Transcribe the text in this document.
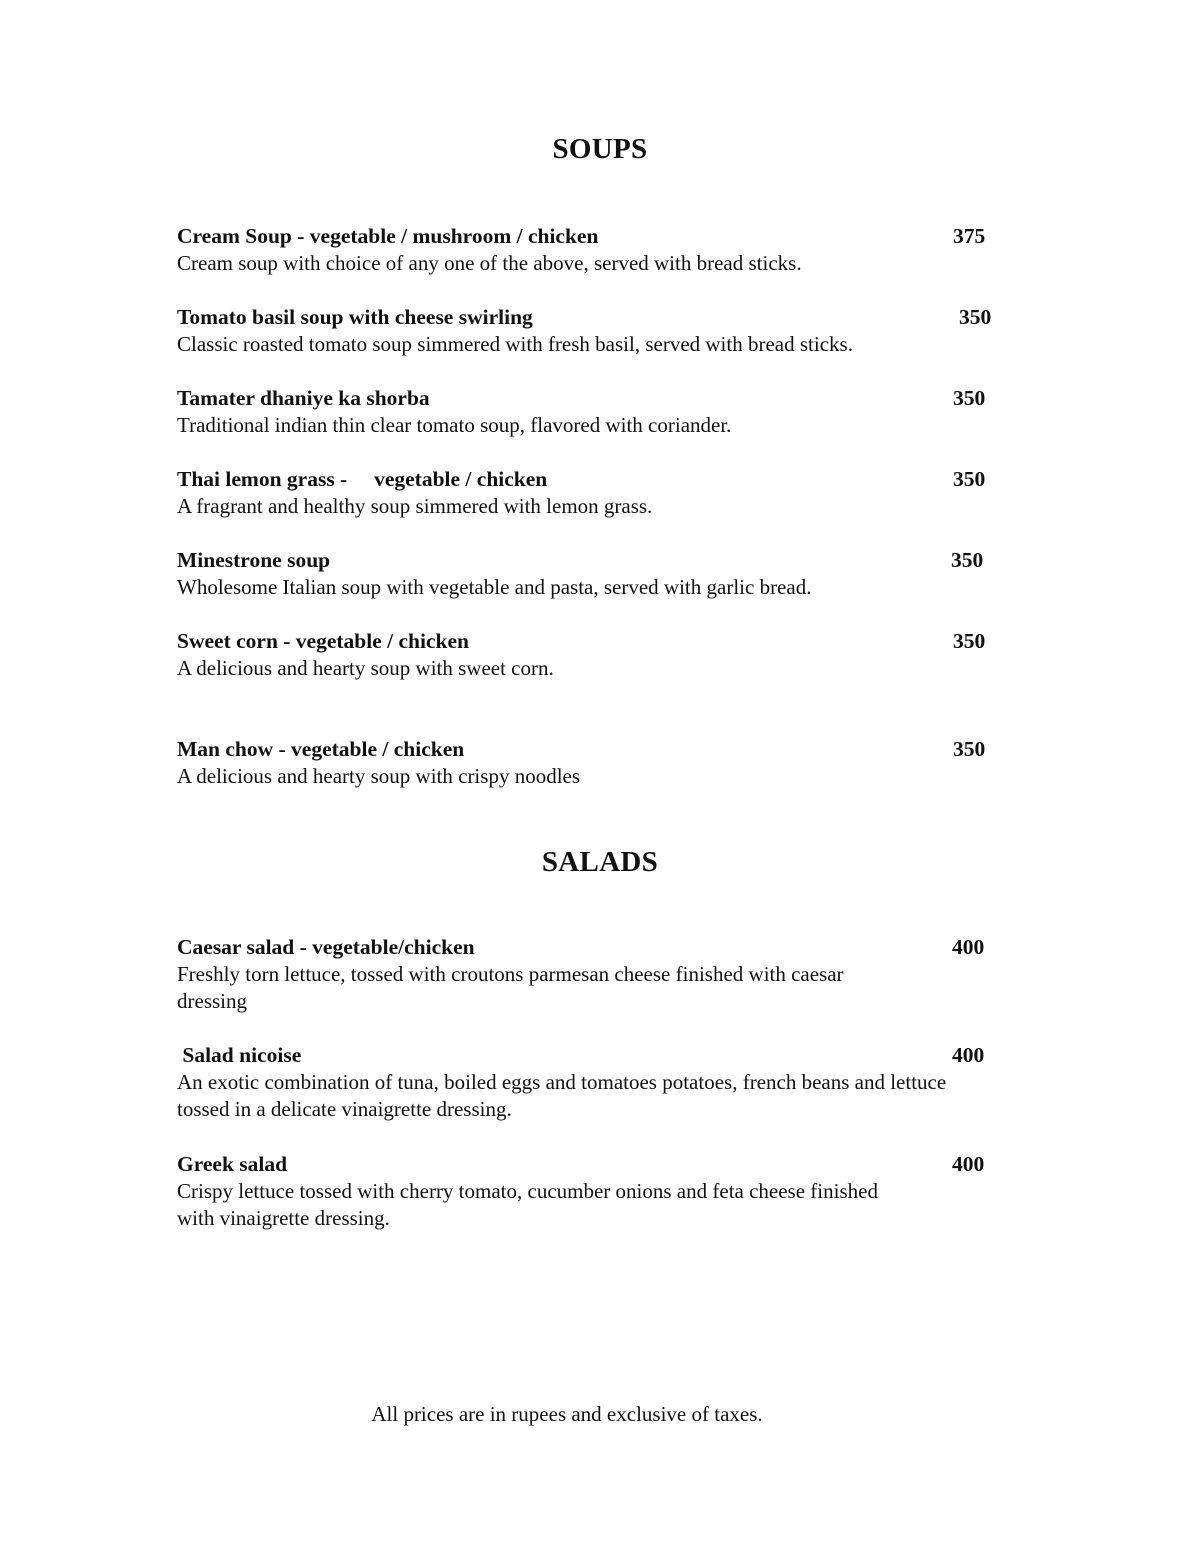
SOUPS
Cream Soup - vegetable / mushroom / chicken
Cream soup with choice of any one of the above, served with bread sticks.
375
Tomato basil soup with cheese swirling
Classic roasted tomato soup simmered with fresh basil, served with bread sticks.
350
Tamater dhaniye ka shorba
Traditional indian thin clear tomato soup, flavored with coriander.
350
Thai lemon grass -     vegetable / chicken
A fragrant and healthy soup simmered with lemon grass.
350
Minestrone soup
Wholesome Italian soup with vegetable and pasta, served with garlic bread.
350
Sweet corn - vegetable / chicken
A delicious and hearty soup with sweet corn.
350
Man chow - vegetable / chicken
A delicious and hearty soup with crispy noodles
350
SALADS
Caesar salad - vegetable/chicken
Freshly torn lettuce, tossed with croutons parmesan cheese finished with caesar dressing
400
Salad nicoise
An exotic combination of tuna, boiled eggs and tomatoes potatoes, french beans and lettuce tossed in a delicate vinaigrette dressing.
400
Greek salad
Crispy lettuce tossed with cherry tomato, cucumber onions and feta cheese finished with vinaigrette dressing.
400
All prices are in rupees and exclusive of taxes.
